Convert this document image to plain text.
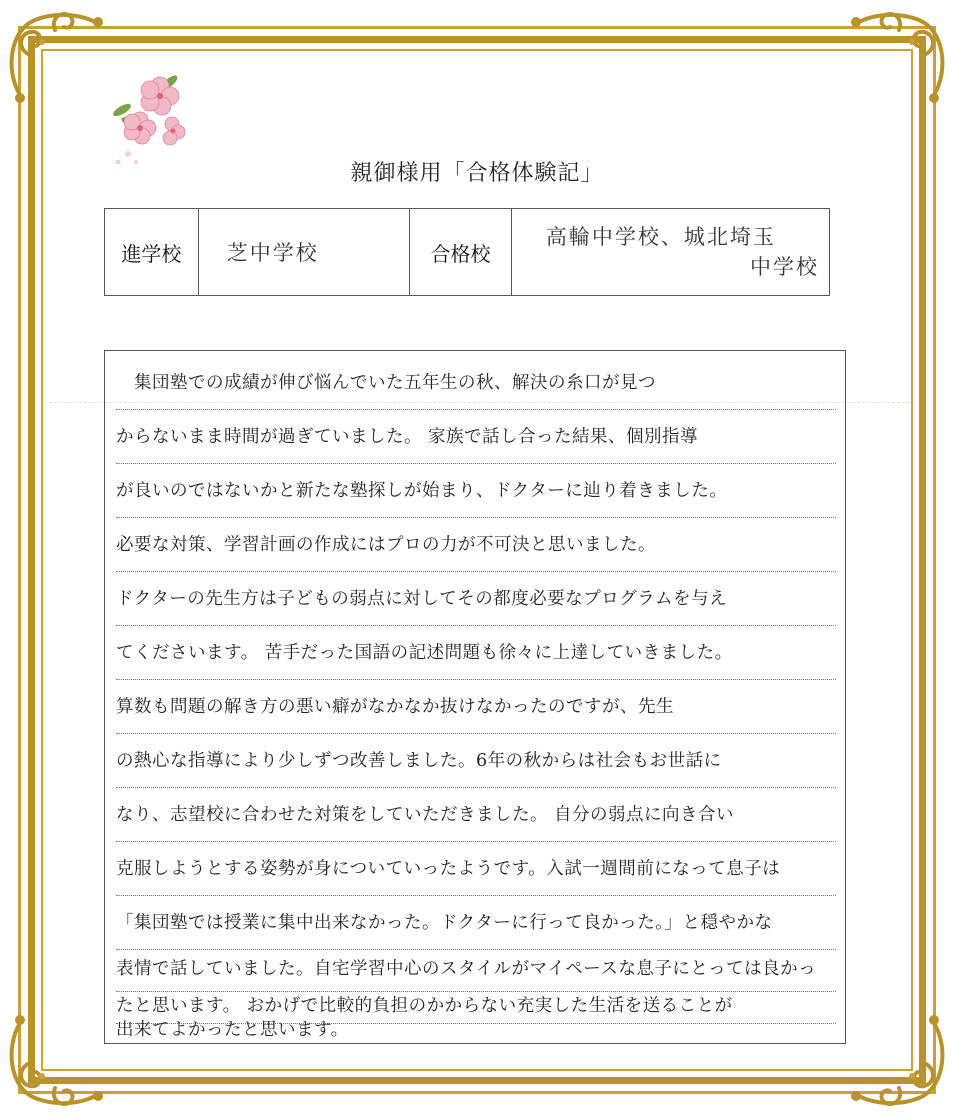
親御様用「合格体験記」
進学校	芝中学校	合格校
高輪中学校、城北埼玉
中学校
　集団塾での成績が伸び悩んでいた五年生の秋、解決の糸口が見つ
からないまま時間が過ぎていました。 家族で話し合った結果、個別指導
が良いのではないかと新たな塾探しが始まり、ドクターに辿り着きました。
必要な対策、学習計画の作成にはプロの力が不可決と思いました。
ドクターの先生方は子どもの弱点に対してその都度必要なプログラムを与え
てくださいます。 苦手だった国語の記述問題も徐々に上達していきました。
算数も問題の解き方の悪い癖がなかなか抜けなかったのですが、先生
の熱心な指導により少しずつ改善しました。6年の秋からは社会もお世話に
なり、志望校に合わせた対策をしていただきました。 自分の弱点に向き合い
克服しようとする姿勢が身についていったようです。入試一週間前になって息子は
「集団塾では授業に集中出来なかった。ドクターに行って良かった。」と穏やかな
表情で話していました。自宅学習中心のスタイルがマイペースな息子にとっては良かっ
たと思います。 おかげで比較的負担のかからない充実した生活を送ることが
出来てよかったと思います。
